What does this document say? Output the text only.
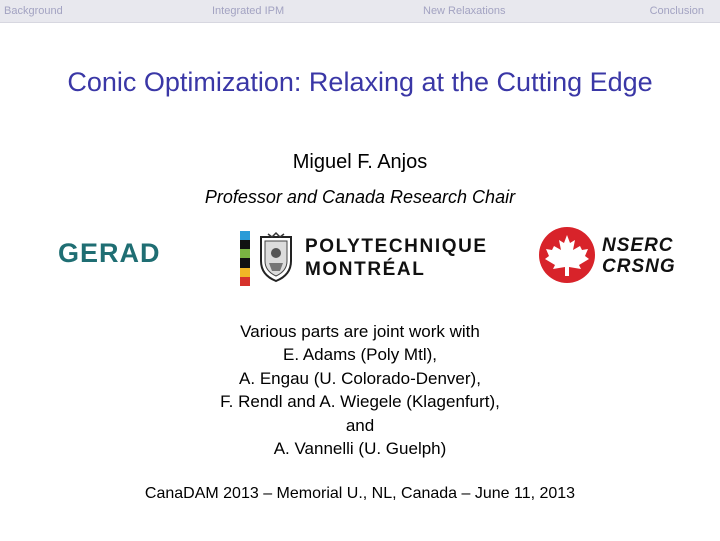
Background	Integrated IPM	New Relaxations	Conclusion
Conic Optimization: Relaxing at the Cutting Edge
Miguel F. Anjos
Professor and Canada Research Chair
GERAD	POLYTECHNIQUE
MONTRÉAL
NSERC
CRSNG
Various parts are joint work with
E. Adams (Poly Mtl),
A. Engau (U. Colorado-Denver),
F. Rendl and A. Wiegele (Klagenfurt),
and
A. Vannelli (U. Guelph)
CanaDAM 2013 – Memorial U., NL, Canada – June 11, 2013
